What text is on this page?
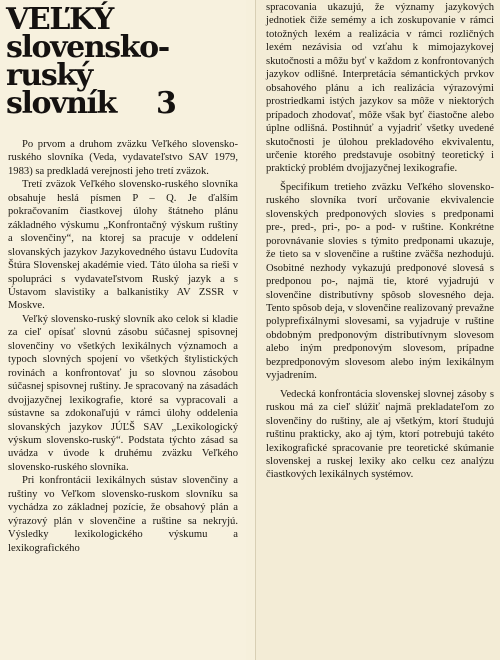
VEĽKÝ
slovensko-
ruský
slovník	3

Po prvom a druhom zväzku Veľkého slovensko-ruského slovníka (Veda, vydavateľstvo SAV 1979, 1983) sa predkladá verejnosti jeho tretí zväzok.

Tretí zväzok Veľkého slovensko-ruského slovníka obsahuje heslá písmen P – Q. Je ďalším pokračovaním čiastkovej úlohy štátneho plánu základného výskumu „Konfrontačný výskum ruštiny a slovenčiny“, na ktorej sa pracuje v oddelení slovanských jazykov Jazykovedného ústavu Ľudovíta Štúra Slovenskej akadémie vied. Táto úloha sa rieši v spolupráci s vydavateľstvom Ruský jazyk a s Ústavom slavistiky a balkanistiky AV ZSSR v Moskve.

Veľký slovensko-ruský slovník ako celok si kladie za cieľ opísať slovnú zásobu súčasnej spisovnej slovenčiny vo všetkých lexikálnych významoch a typoch slovných spojení vo všetkých štylistických rovinách a konfrontovať ju so slovnou zásobou súčasnej spisovnej ruštiny. Je spracovaný na zásadách dvojjazyčnej lexikografie, ktoré sa vypracovali a sústavne sa zdokonaľujú v rámci úlohy oddelenia slovanských jazykov JÚĽŠ SAV „Lexikologický výskum slovensko-ruský“. Podstata týchto zásad sa uvádza v úvode k druhému zväzku Veľkého slovensko-ruského slovníka.

Pri konfrontácii lexikálnych sústav slovenčiny a ruštiny vo Veľkom slovensko-ruskom slovníku sa vychádza zo základnej pozície, že obsahový plán a výrazový plán v slovenčine a ruštine sa nekryjú. Výsledky lexikologického výskumu a lexikografického

spracovania ukazujú, že významy jazykových jednotiek čiže semémy a ich zoskupovanie v rámci totožných lexém a realizácia v rámci rozličných lexém nezávisia od vzťahu k mimojazykovej skutočnosti a môžu byť v každom z konfrontovaných jazykov odlišné. Interpretácia sémantických prvkov obsahového plánu a ich realizácia výrazovými prostriedkami istých jazykov sa môže v niektorých prípadoch zhodovať, môže však byť čiastočne alebo úplne odlišná. Postihnúť a vyjadriť všetky uvedené skutočnosti je úlohou prekladového ekvivalentu, určenie ktorého predstavuje osobitný teoretický i praktický problém dvojjazyčnej lexikografie.

Špecifikum tretieho zväzku Veľkého slovensko-ruského slovníka tvorí určovanie ekvivalencie slovenských predponových slovies s predponami pre-, pred-, pri-, po- a pod- v ruštine. Konkrétne porovnávanie slovies s týmito predponami ukazuje, že tieto sa v slovenčine a ruštine zväčša nezhodujú. Osobitné nezhody vykazujú predponové slovesá s predponou po-, najmä tie, ktoré vyjadrujú v slovenčine distributívny spôsob slovesného deja. Tento spôsob deja, v slovenčine realizovaný prevažne polyprefixálnymi slovesami, sa vyjadruje v ruštine obdobným predponovým distributívnym slovesom alebo iným predponovým slovesom, prípadne bezpredponovým slovesom alebo iným lexikálnym vyjadrením.

Vedecká konfrontácia slovenskej slovnej zásoby s ruskou má za cieľ slúžiť najmä prekladateľom zo slovenčiny do ruštiny, ale aj všetkým, ktorí študujú ruštinu prakticky, ako aj tým, ktorí potrebujú takéto lexikografické spracovanie pre teoretické skúmanie slovenskej a ruskej lexiky ako celku cez analýzu čiastkových lexikálnych systémov.
